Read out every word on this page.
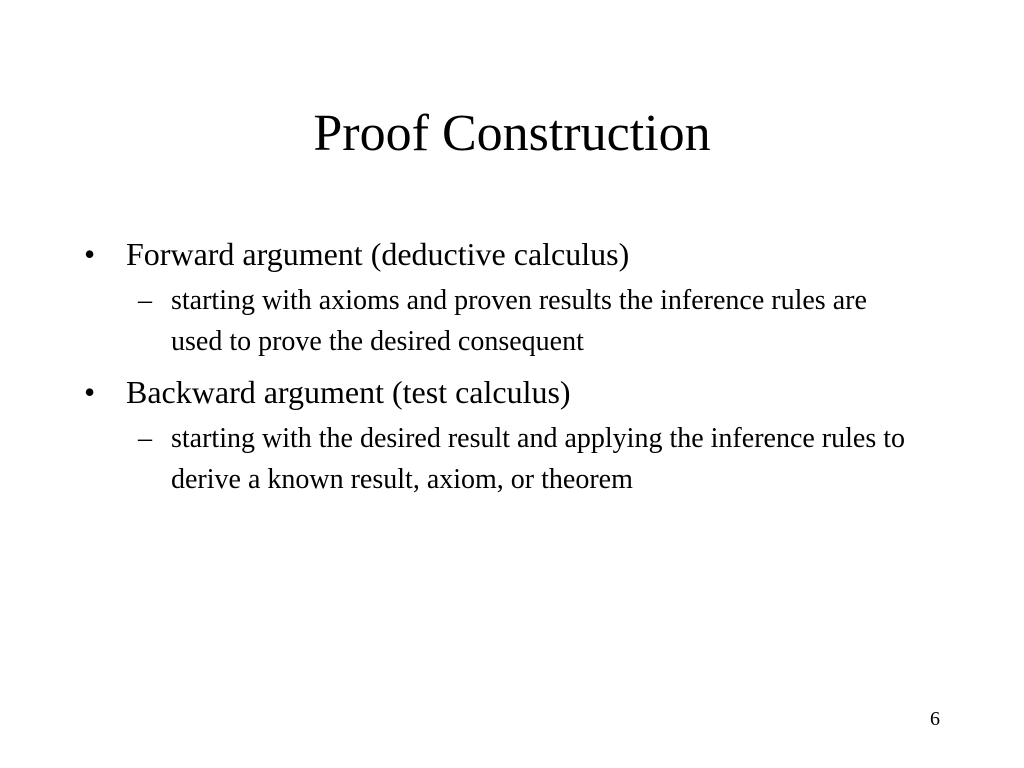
Proof Construction
• Forward argument (deductive calculus)
– starting with axioms and proven results the inference rules are used to prove the desired consequent
• Backward argument (test calculus)
– starting with the desired result and applying the inference rules to derive a known result, axiom, or theorem
6
